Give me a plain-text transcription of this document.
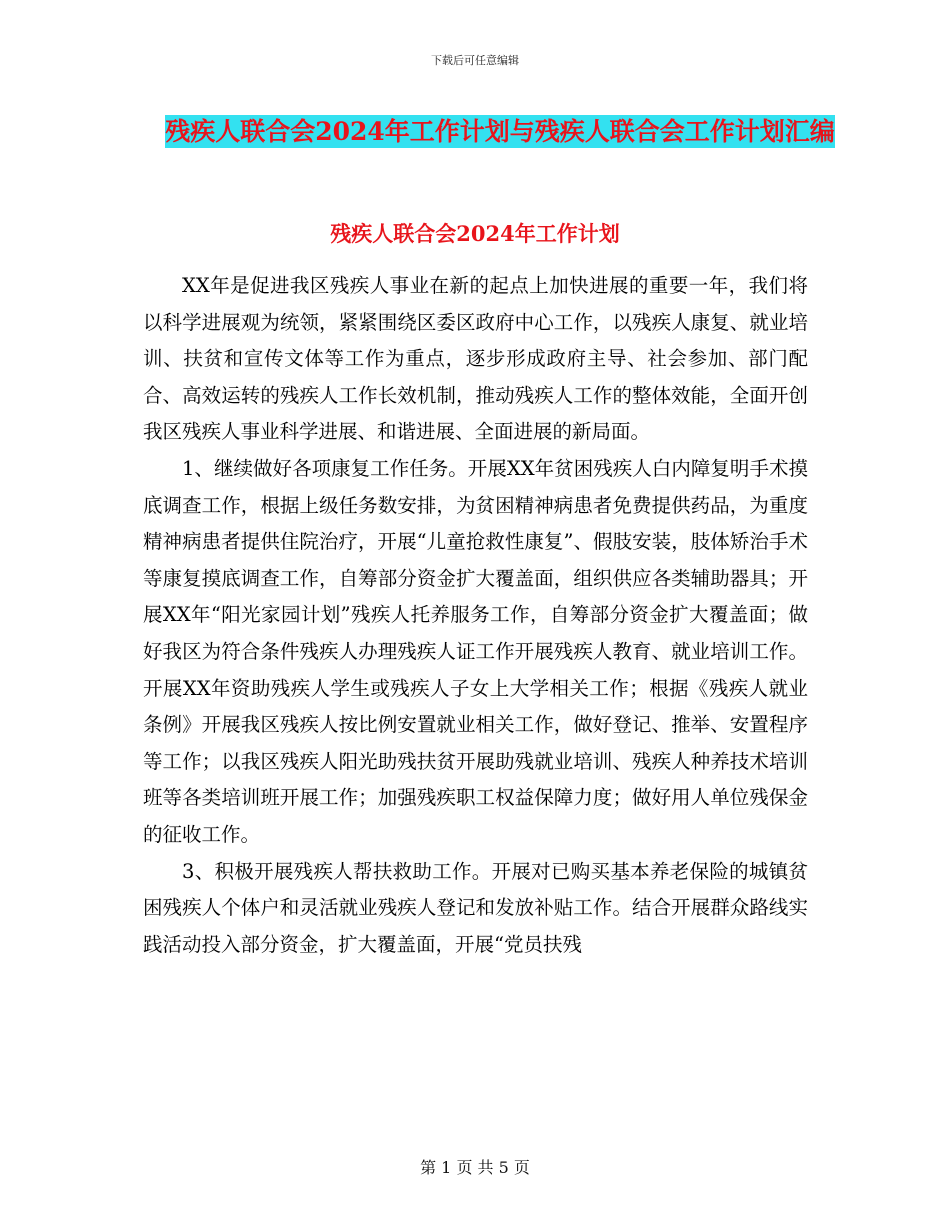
下载后可任意编辑
残疾人联合会2024年工作计划与残疾人联合会工作计划汇编
残疾人联合会2024年工作计划

XX年是促进我区残疾人事业在新的起点上加快进展的重要一年，我们将以科学进展观为统领，紧紧围绕区委区政府中心工作，以残疾人康复、就业培训、扶贫和宣传文体等工作为重点，逐步形成政府主导、社会参加、部门配合、高效运转的残疾人工作长效机制，推动残疾人工作的整体效能，全面开创我区残疾人事业科学进展、和谐进展、全面进展的新局面。

1、继续做好各项康复工作任务。开展XX年贫困残疾人白内障复明手术摸底调查工作，根据上级任务数安排，为贫困精神病患者免费提供药品，为重度精神病患者提供住院治疗，开展“儿童抢救性康复”、假肢安装，肢体矫治手术等康复摸底调查工作，自筹部分资金扩大覆盖面，组织供应各类辅助器具；开展XX年“阳光家园计划”残疾人托养服务工作，自筹部分资金扩大覆盖面；做好我区为符合条件残疾人办理残疾人证工作开展残疾人教育、就业培训工作。开展XX年资助残疾人学生或残疾人子女上大学相关工作；根据《残疾人就业条例》开展我区残疾人按比例安置就业相关工作，做好登记、推举、安置程序等工作；以我区残疾人阳光助残扶贫开展助残就业培训、残疾人种养技术培训班等各类培训班开展工作；加强残疾职工权益保障力度；做好用人单位残保金的征收工作。

3、积极开展残疾人帮扶救助工作。开展对已购买基本养老保险的城镇贫困残疾人个体户和灵活就业残疾人登记和发放补贴工作。结合开展群众路线实践活动投入部分资金，扩大覆盖面，开展“党员扶残

第 1 页 共 5 页
